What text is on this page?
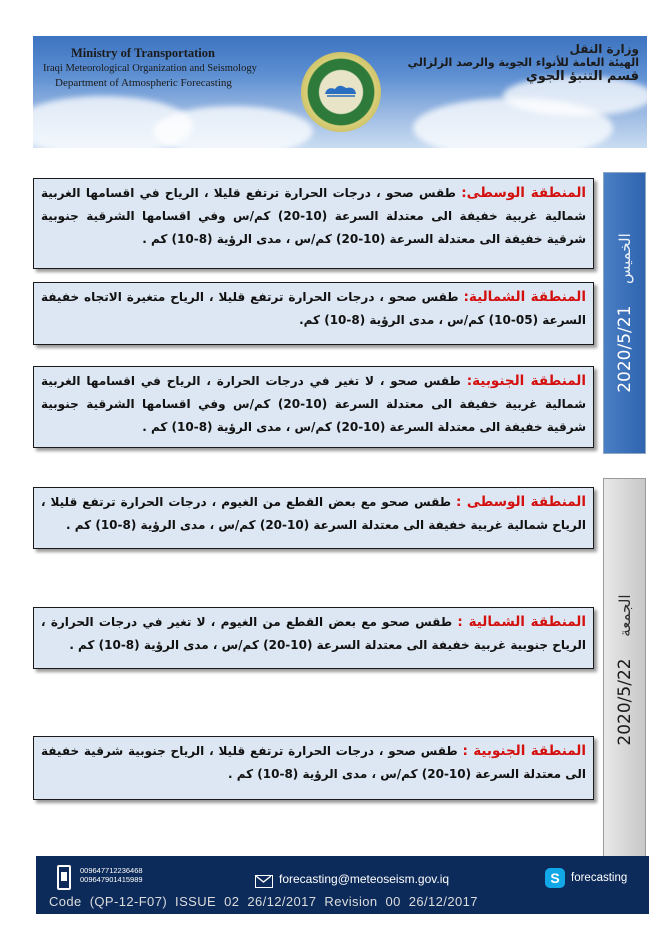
Ministry of Transportation
Iraqi Meteorological Organization and Seismology
Department of Atmospheric Forecasting
وزارة النقل
الهيئة العامة للأنواء الجوية والرصد الزلزالي
قسم التنبؤ الجوي
المنطقة الوسطى: طقس صحو ، درجات الحرارة ترتفع قليلا ، الرياح في اقسامها الغربية شمالية غربية خفيفة الى معتدلة السرعة (10-20) كم/س وفي اقسامها الشرقية جنوبية شرقية خفيفة الى معتدلة السرعة (10-20) كم/س ، مدى الرؤية (8-10) كم .
المنطقة الشمالية: طقس صحو ، درجات الحرارة ترتفع قليلا ، الرياح متغيرة الاتجاه خفيفة السرعة (05-10) كم/س ، مدى الرؤية (8-10) كم.
المنطقة الجنوبية: طقس صحو ، لا تغير في درجات الحرارة ، الرياح في اقسامها الغربية شمالية غربية خفيفة الى معتدلة السرعة (10-20) كم/س وفي اقسامها الشرقية جنوبية شرقية خفيفة الى معتدلة السرعة (10-20) كم/س ، مدى الرؤية (8-10) كم .
الخميس    2020/5/21
المنطقة الوسطى : طقس صحو مع بعض القطع من الغيوم ، درجات الحرارة ترتفع قليلا ، الرياح شمالية غربية خفيفة الى معتدلة السرعة (10-20) كم/س ، مدى الرؤية (8-10) كم .
المنطقة الشمالية : طقس صحو مع بعض القطع من الغيوم ، لا تغير في درجات الحرارة ، الرياح جنوبية غربية خفيفة الى معتدلة السرعة (10-20) كم/س ، مدى الرؤية (8-10) كم .
المنطقة الجنوبية : طقس صحو ، درجات الحرارة ترتفع قليلا ، الرياح جنوبية شرقية خفيفة الى معتدلة السرعة (10-20) كم/س ، مدى الرؤية (8-10) كم .
الجمعة    2020/5/22
009647712236468
009647901415989	forecasting@meteoseism.gov.iq	S forecasting
Code (QP-12-F07) ISSUE 02 26/12/2017 Revision 00 26/12/2017
